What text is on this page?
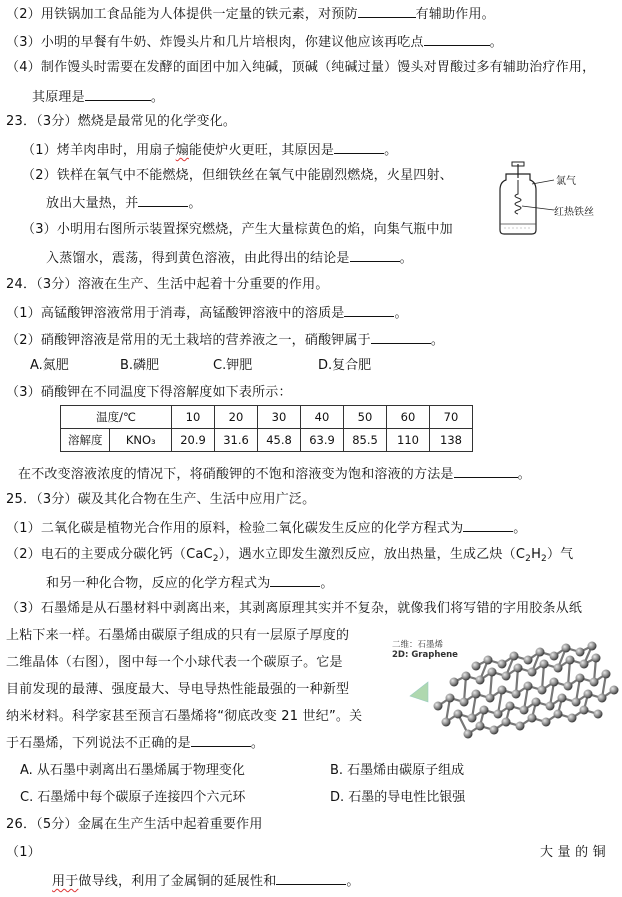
（2）用铁锅加工食品能为人体提供一定量的铁元素，对预防	有辅助作用。
（3）小明的早餐有牛奶、炸馒头片和几片培根肉，你建议他应该再吃点	。
（4）制作馒头时需要在发酵的面团中加入纯碱，顶碱（纯碱过量）馒头对胃酸过多有辅助治疗作用，
其原理是	。
23．（3分）燃烧是最常见的化学变化。
（1）烤羊肉串时，用扇子煽能使炉火更旺，其原因是	。
（2）铁样在氧气中不能燃烧，但细铁丝在氧气中能剧烈燃烧，火星四射、
放出大量热，并	。
（3）小明用右图所示装置探究燃烧，产生大量棕黄色的焰，向集气瓶中加
入蒸馏水，震荡，得到黄色溶液，由此得出的结论是	。
氯气
红热铁丝
24．（3分）溶液在生产、生活中起着十分重要的作用。
（1）高锰酸钾溶液常用于消毒，高锰酸钾溶液中的溶质是	。
（2）硝酸钾溶液是常用的无土栽培的营养液之一，硝酸钾属于	。
A.氮肥	B.磷肥	C.钾肥	D.复合肥
（3）硝酸钾在不同温度下得溶解度如下表所示：
温度/℃		10	20	30	40	50	60	70
溶解度	KNO₃	20.9	31.6	45.8	63.9	85.5	110	138
在不改变溶液浓度的情况下，将硝酸钾的不饱和溶液变为饱和溶液的方法是	。
25．（3分）碳及其化合物在生产、生活中应用广泛。
（1）二氧化碳是植物光合作用的原料，检验二氧化碳发生反应的化学方程式为	。
（2）电石的主要成分碳化钙（CaC$_2$），遇水立即发生激烈反应，放出热量，生成乙炔$(C_2H_2)$气
和另一种化合物，反应的化学方程式为	。
（3）石墨烯是从石墨材料中剥离出来，其剥离原理其实并不复杂，就像我们将写错的字用胶条从纸
上粘下来一样。石墨烯由碳原子组成的只有一层原子厚度的
二维晶体（右图），图中每一个小球代表一个碳原子。它是
目前发现的最薄、强度最大、导电导热性能最强的一种新型
纳米材料。科学家甚至预言石墨烯将“彻底改变 21 世纪”。关
于石墨烯，下列说法不正确的是	。
二维：石墨烯
2D: Graphene
A. 从石墨中剥离出石墨烯属于物理变化	B. 石墨烯由碳原子组成
C. 石墨烯中每个碳原子连接四个六元环	D. 石墨的导电性比银强
26．（5分）金属在生产生活中起着重要作用
（1）	大 量 的 铜
用于做导线，利用了金属铜的延展性和	。
